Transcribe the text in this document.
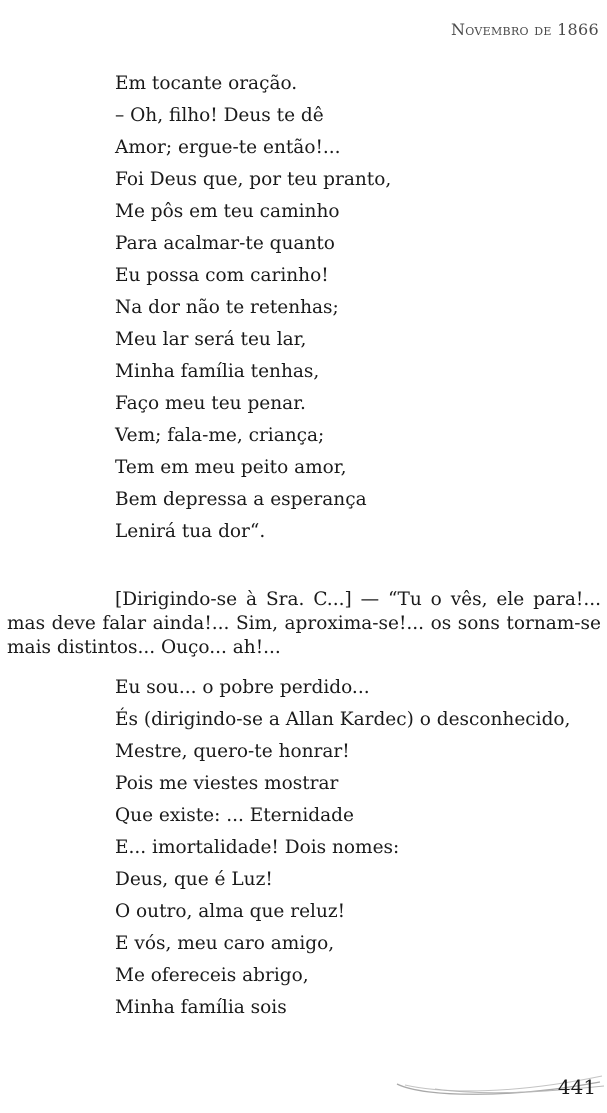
Novembro de 1866
Em tocante oração.
– Oh, filho! Deus te dê
Amor; ergue-te então!...
Foi Deus que, por teu pranto,
Me pôs em teu caminho
Para acalmar-te quanto
Eu possa com carinho!
Na dor não te retenhas;
Meu lar será teu lar,
Minha família tenhas,
Faço meu teu penar.
Vem; fala-me, criança;
Tem em meu peito amor,
Bem depressa a esperança
Lenirá tua dor“.

[Dirigindo-se à Sra. C...] — “Tu o vês, ele para!... mas deve falar ainda!... Sim, aproxima-se!... os sons tornam-se mais distintos... Ouço... ah!...

Eu sou... o pobre perdido...
És (dirigindo-se a Allan Kardec) o desconhecido,
Mestre, quero-te honrar!
Pois me viestes mostrar
Que existe: ... Eternidade
E... imortalidade! Dois nomes:
Deus, que é Luz!
O outro, alma que reluz!
E vós, meu caro amigo,
Me ofereceis abrigo,
Minha família sois
441
